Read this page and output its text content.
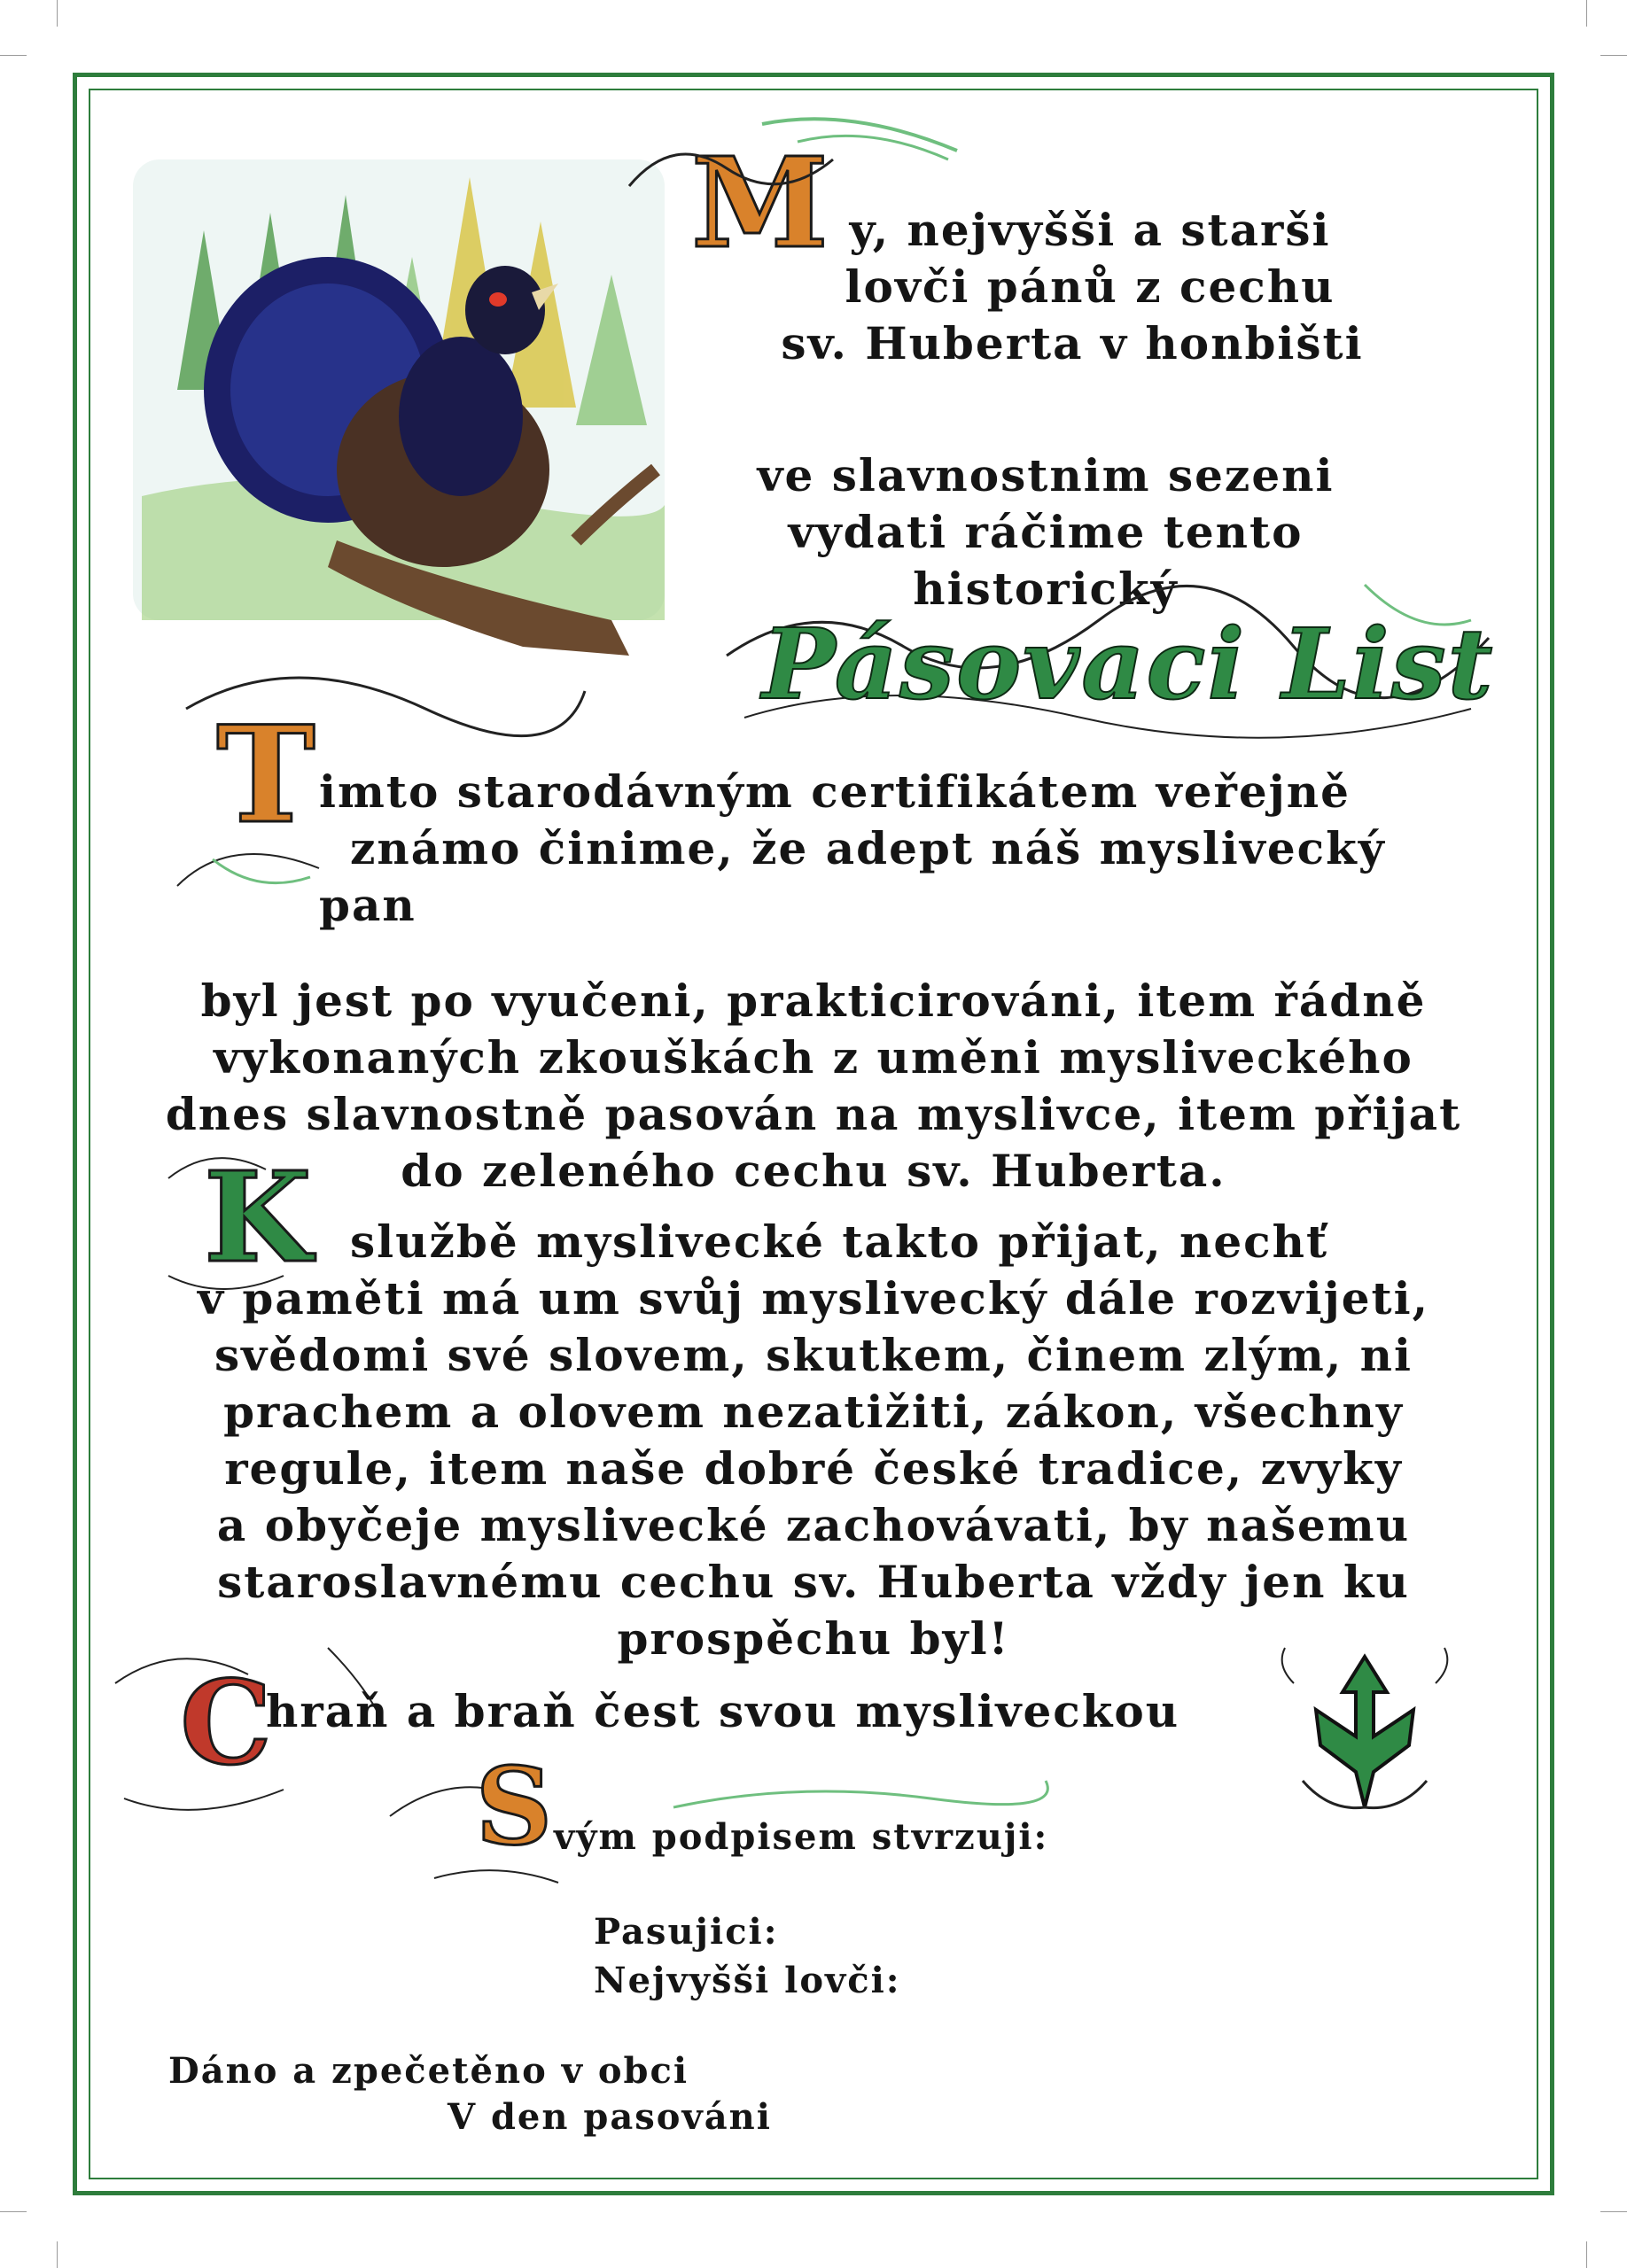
M y, nejvyšši a starši
lovči pánů z cechu
sv. Huberta v honbišti
ve slavnostnim sezeni
vydati ráčime tento
historický
Pásovaci List
T imto starodávným certifikátem veřejně
známo činime, že adept náš myslivecký
pan
byl jest po vyučeni, prakticirováni, item řádně
vykonaných zkouškách z uměni mysliveckého
dnes slavnostně pasován na myslivce, item přijat
do zeleného cechu sv. Huberta.
K službě myslivecké takto přijat, nechť
v paměti má um svůj myslivecký dále rozvijeti,
svědomi své slovem, skutkem, činem zlým, ni
prachem a olovem nezatižiti, zákon, všechny
regule, item naše dobré české tradice, zvyky
a obyčeje myslivecké zachovávati, by našemu
staroslavnému cechu sv. Huberta vždy jen ku
prospěchu byl!
C
hraň a braň čest svou mysliveckou
S vým podpisem stvrzuji:
Pasujici:
Nejvyšši lovči:
Dáno a zpečetěno v obci
V den pasováni
